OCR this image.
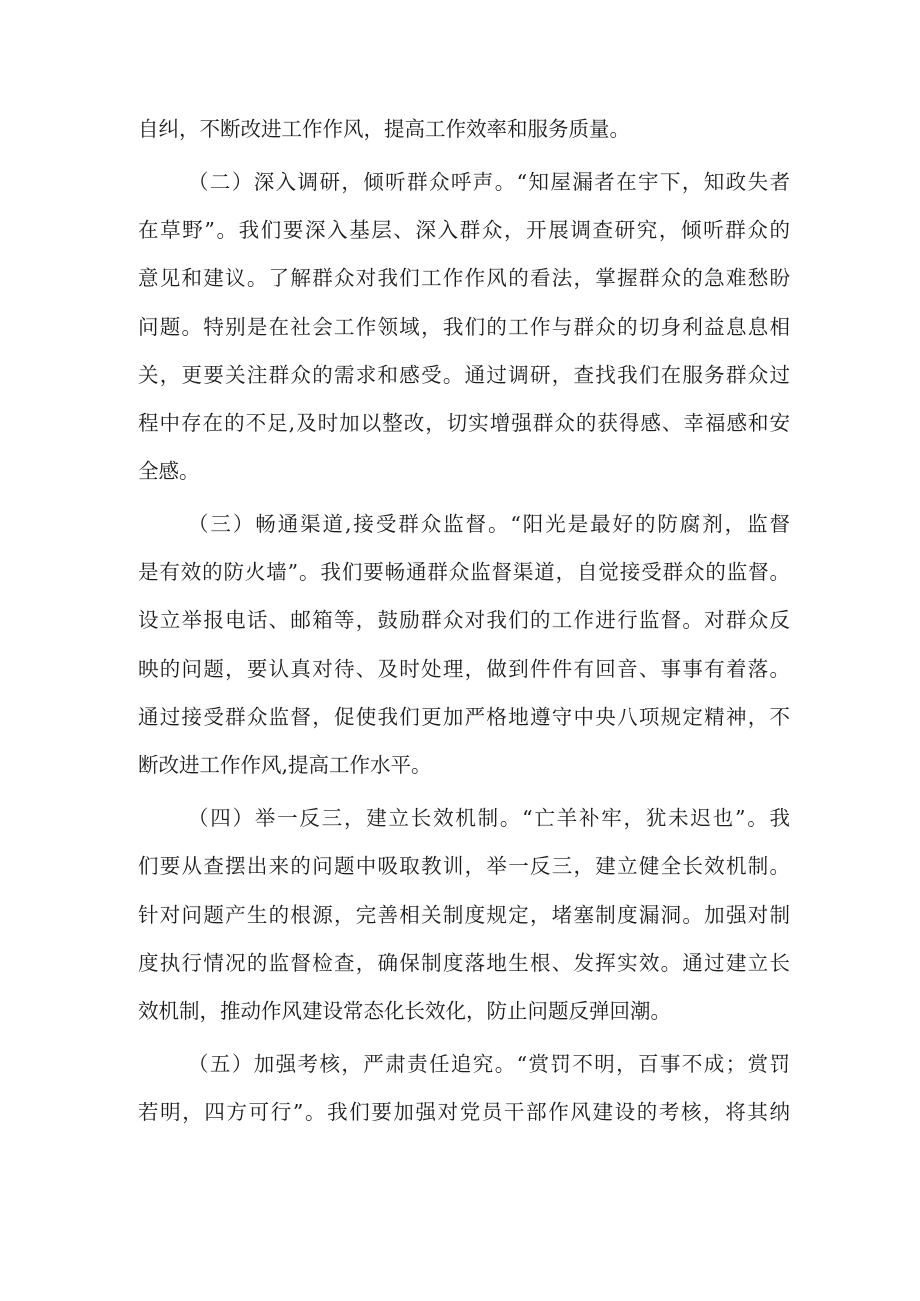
自纠，不断改进工作作风，提高工作效率和服务质量。

（二）深入调研，倾听群众呼声。“知屋漏者在宇下，知政失者

在草野”。我们要深入基层、深入群众，开展调查研究，倾听群众的

意见和建议。了解群众对我们工作作风的看法，掌握群众的急难愁盼

问题。特别是在社会工作领域，我们的工作与群众的切身利益息息相

关，更要关注群众的需求和感受。通过调研，查找我们在服务群众过

程中存在的不足,及时加以整改，切实增强群众的获得感、幸福感和安

全感。

（三）畅通渠道,接受群众监督。“阳光是最好的防腐剂，监督

是有效的防火墙”。我们要畅通群众监督渠道，自觉接受群众的监督。

设立举报电话、邮箱等，鼓励群众对我们的工作进行监督。对群众反

映的问题，要认真对待、及时处理，做到件件有回音、事事有着落。

通过接受群众监督，促使我们更加严格地遵守中央八项规定精神，不

断改进工作作风,提高工作水平。

（四）举一反三，建立长效机制。“亡羊补牢，犹未迟也”。我

们要从查摆出来的问题中吸取教训，举一反三，建立健全长效机制。

针对问题产生的根源，完善相关制度规定，堵塞制度漏洞。加强对制

度执行情况的监督检查，确保制度落地生根、发挥实效。通过建立长

效机制，推动作风建设常态化长效化，防止问题反弹回潮。

（五）加强考核，严肃责任追究。“赏罚不明，百事不成；赏罚

若明，四方可行”。我们要加强对党员干部作风建设的考核，将其纳
